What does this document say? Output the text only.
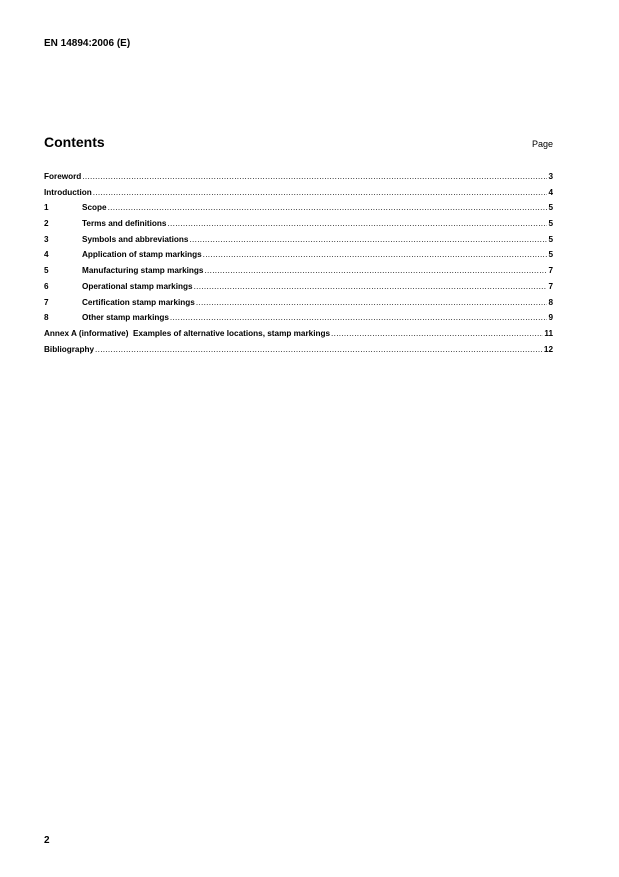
EN 14894:2006 (E)
Contents	Page
Foreword .....	3
Introduction .....	4
1	Scope .....	5
2	Terms and definitions .....	5
3	Symbols and abbreviations .....	5
4	Application of stamp markings .....	5
5	Manufacturing stamp markings .....	7
6	Operational stamp markings .....	7
7	Certification stamp markings .....	8
8	Other stamp markings .....	9
Annex A (informative)  Examples of alternative locations, stamp markings .....	11
Bibliography .....	12
2
